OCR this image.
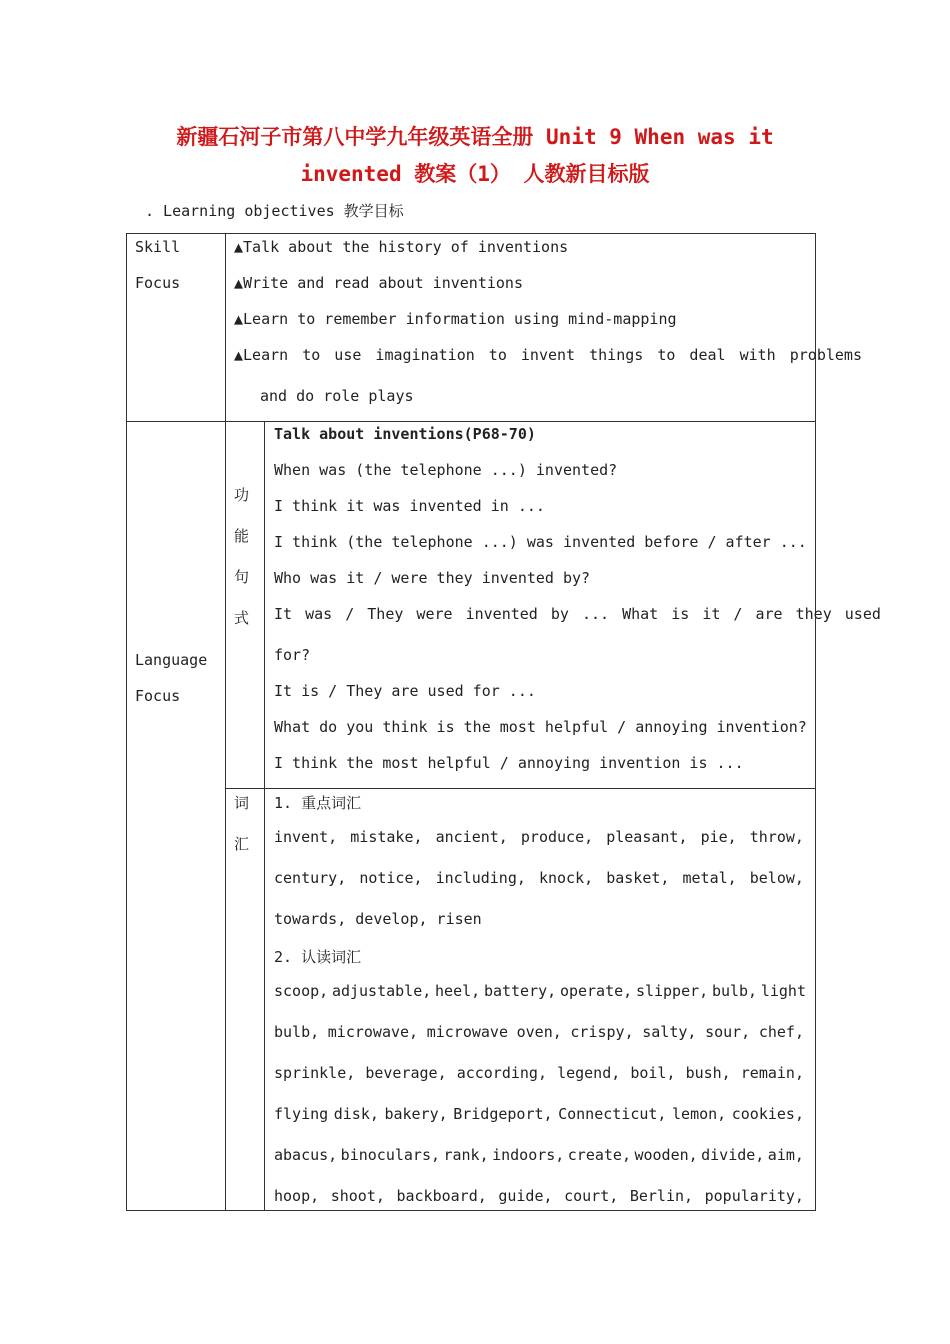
新疆石河子市第八中学九年级英语全册 Unit 9 When was it
invented 教案（1） 人教新目标版
. Learning objectives 教学目标
Skill
Focus
▲Talk about the history of inventions
▲Write and read about inventions
▲Learn to remember information using mind-mapping
▲Learn to use imagination to invent things to deal with problems
and do role plays
Language
Focus
功
能
句
式
Talk about inventions(P68-70)
When was (the telephone ...) invented?
I think it was invented in ...
I think (the telephone ...) was invented before / after ...
Who was it / were they invented by?
It was / They were invented by ... What is it / are they used
for?
It is / They are used for ...
What do you think is the most helpful / annoying invention?
I think the most helpful / annoying invention is ...
词
汇
1. 重点词汇
invent, mistake, ancient, produce, pleasant, pie, throw,
century, notice, including, knock, basket, metal, below,
towards, develop, risen
2. 认读词汇
scoop, adjustable, heel, battery, operate, slipper, bulb, light
bulb, microwave, microwave oven, crispy, salty, sour, chef,
sprinkle, beverage, according, legend, boil, bush, remain,
flying disk, bakery, Bridgeport, Connecticut, lemon, cookies,
abacus, binoculars, rank, indoors, create, wooden, divide, aim,
hoop, shoot, backboard, guide, court, Berlin, popularity,
